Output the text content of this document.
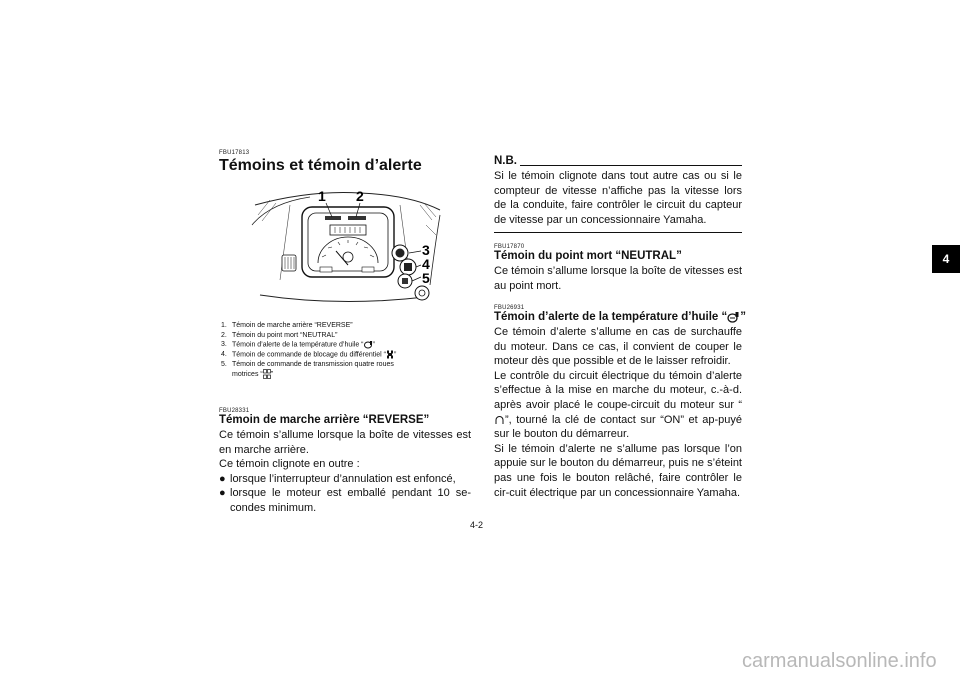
4
FBU17813
Témoins et témoin d’alerte
1 2
3
4
5
1. Témoin de marche arrière “REVERSE”
2. Témoin du point mort “NEUTRAL”
3. Témoin d’alerte de la température d’huile “ ”
4. Témoin de commande de blocage du différentiel “ ”
5. Témoin de commande de transmission quatre roues
motrices “ ”
FBU28331
Témoin de marche arrière “REVERSE”
Ce témoin s’allume lorsque la boîte de vitesses est en marche arrière.
Ce témoin clignote en outre :
● lorsque l’interrupteur d’annulation est enfoncé,
● lorsque le moteur est emballé pendant 10 se-condes minimum.
N.B.
Si le témoin clignote dans tout autre cas ou si le compteur de vitesse n’affiche pas la vitesse lors de la conduite, faire contrôler le circuit du capteur de vitesse par un concessionnaire Yamaha.
FBU17870
Témoin du point mort “NEUTRAL”
Ce témoin s’allume lorsque la boîte de vitesses est au point mort.
FBU26931
Témoin d’alerte de la température d’huile “ ”
Ce témoin d’alerte s’allume en cas de surchauffe du moteur. Dans ce cas, il convient de couper le moteur dès que possible et de le laisser refroidir.
Le contrôle du circuit électrique du témoin d’alerte s’effectue à la mise en marche du moteur, c.-à-d. après avoir placé le coupe-circuit du moteur sur “”, tourné la clé de contact sur “ON” et ap-puyé sur le bouton du démarreur.
Si le témoin d’alerte ne s’allume pas lorsque l’on appuie sur le bouton du démarreur, puis ne s’éteint pas une fois le bouton relâché, faire contrôler le cir-cuit électrique par un concessionnaire Yamaha.
4-2
carmanualsonline.info
